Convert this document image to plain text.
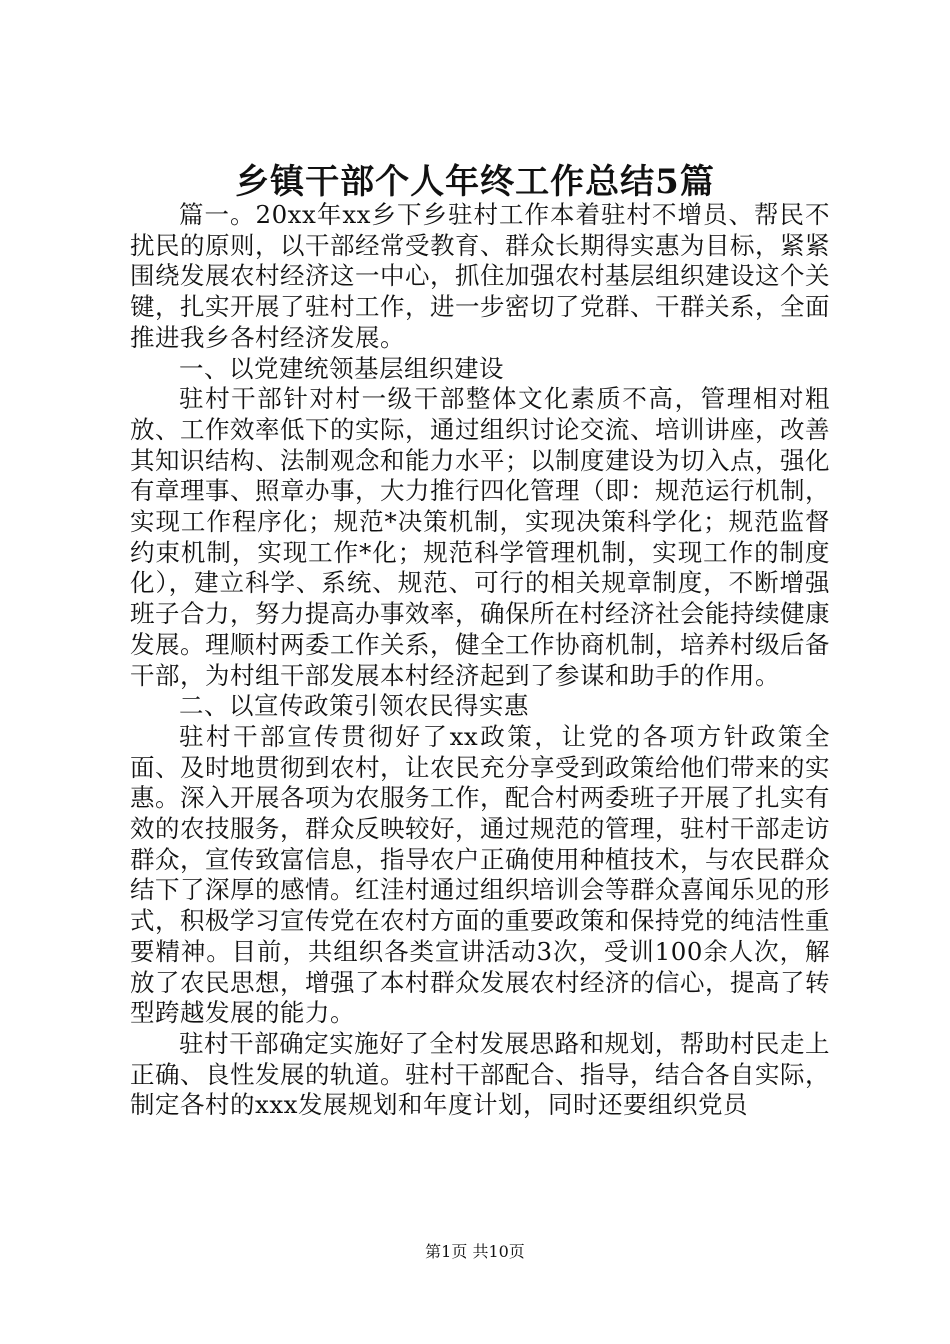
乡镇干部个人年终工作总结5篇

篇一。20xx年xx乡下乡驻村工作本着驻村不增员、帮民不扰民的原则，以干部经常受教育、群众长期得实惠为目标，紧紧围绕发展农村经济这一中心，抓住加强农村基层组织建设这个关键，扎实开展了驻村工作，进一步密切了党群、干群关系，全面推进我乡各村经济发展。

一、以党建统领基层组织建设

驻村干部针对村一级干部整体文化素质不高，管理相对粗放、工作效率低下的实际，通过组织讨论交流、培训讲座，改善其知识结构、法制观念和能力水平；以制度建设为切入点，强化有章理事、照章办事，大力推行四化管理（即：规范运行机制，实现工作程序化；规范*决策机制，实现决策科学化；规范监督约束机制，实现工作*化；规范科学管理机制，实现工作的制度化），建立科学、系统、规范、可行的相关规章制度，不断增强班子合力，努力提高办事效率，确保所在村经济社会能持续健康发展。理顺村两委工作关系，健全工作协商机制，培养村级后备干部，为村组干部发展本村经济起到了参谋和助手的作用。

二、以宣传政策引领农民得实惠

驻村干部宣传贯彻好了xx政策，让党的各项方针政策全面、及时地贯彻到农村，让农民充分享受到政策给他们带来的实惠。深入开展各项为农服务工作，配合村两委班子开展了扎实有效的农技服务，群众反映较好，通过规范的管理，驻村干部走访群众，宣传致富信息，指导农户正确使用种植技术，与农民群众结下了深厚的感情。红洼村通过组织培训会等群众喜闻乐见的形式，积极学习宣传党在农村方面的重要政策和保持党的纯洁性重要精神。目前，共组织各类宣讲活动3次，受训100余人次，解放了农民思想，增强了本村群众发展农村经济的信心，提高了转型跨越发展的能力。

驻村干部确定实施好了全村发展思路和规划，帮助村民走上正确、良性发展的轨道。驻村干部配合、指导，结合各自实际，制定各村的xxx发展规划和年度计划，同时还要组织党员

第1页 共10页
